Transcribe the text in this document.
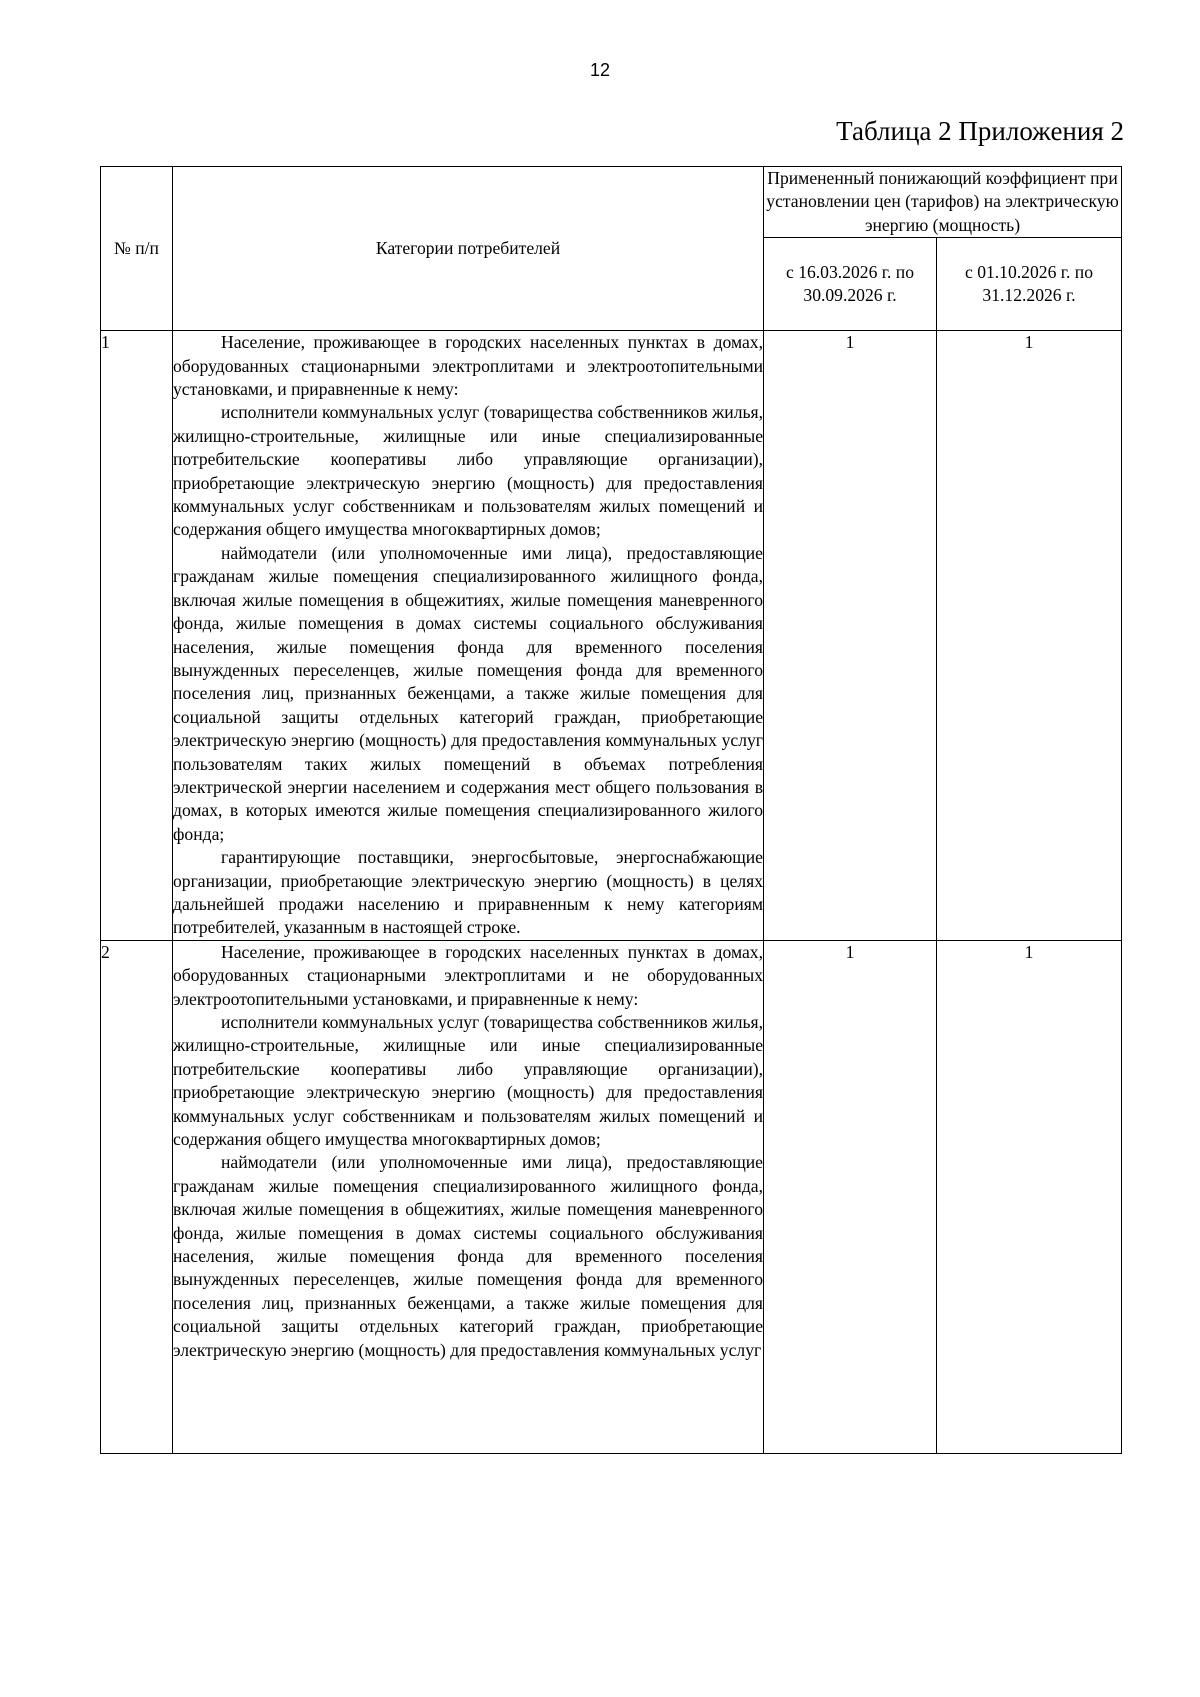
12
Таблица 2 Приложения 2
№ п/п	Категории потребителей	Примененный понижающий коэффициент при установлении цен (тарифов) на электрическую энергию (мощность)	
		с 16.03.2026 г. по 30.09.2026 г.	с 01.10.2026 г. по 31.12.2026 г.
1	Население, проживающее в городских населенных пунктах в домах, оборудованных стационарными электроплитами и электроотопительными установками, и приравненные к нему:

исполнители коммунальных услуг (товарищества собственников жилья, жилищно-строительные, жилищные или иные специализированные потребительские кооперативы либо управляющие организации), приобретающие электрическую энергию (мощность) для предоставления коммунальных услуг собственникам и пользователям жилых помещений и содержания общего имущества многоквартирных домов;

наймодатели (или уполномоченные ими лица), предоставляющие гражданам жилые помещения специализированного жилищного фонда, включая жилые помещения в общежитиях, жилые помещения маневренного фонда, жилые помещения в домах системы социального обслуживания населения, жилые помещения фонда для временного поселения вынужденных переселенцев, жилые помещения фонда для временного поселения лиц, признанных беженцами, а также жилые помещения для социальной защиты отдельных категорий граждан, приобретающие электрическую энергию (мощность) для предоставления коммунальных услуг пользователям таких жилых помещений в объемах потребления электрической энергии населением и содержания мест общего пользования в домах, в которых имеются жилые помещения специализированного жилого фонда;

гарантирующие поставщики, энергосбытовые, энергоснабжающие организации, приобретающие электрическую энергию (мощность) в целях дальнейшей продажи населению и приравненным к нему категориям потребителей, указанным в настоящей строке.	1	1
2	Население, проживающее в городских населенных пунктах в домах, оборудованных стационарными электроплитами и не оборудованных электроотопительными установками, и приравненные к нему:

исполнители коммунальных услуг (товарищества собственников жилья, жилищно-строительные, жилищные или иные специализированные потребительские кооперативы либо управляющие организации), приобретающие электрическую энергию (мощность) для предоставления коммунальных услуг собственникам и пользователям жилых помещений и содержания общего имущества многоквартирных домов;

наймодатели (или уполномоченные ими лица), предоставляющие гражданам жилые помещения специализированного жилищного фонда, включая жилые помещения в общежитиях, жилые помещения маневренного фонда, жилые помещения в домах системы социального обслуживания населения, жилые помещения фонда для временного поселения вынужденных переселенцев, жилые помещения фонда для временного поселения лиц, признанных беженцами, а также жилые помещения для социальной защиты отдельных категорий граждан, приобретающие электрическую энергию (мощность) для предоставления коммунальных услуг	1	1
